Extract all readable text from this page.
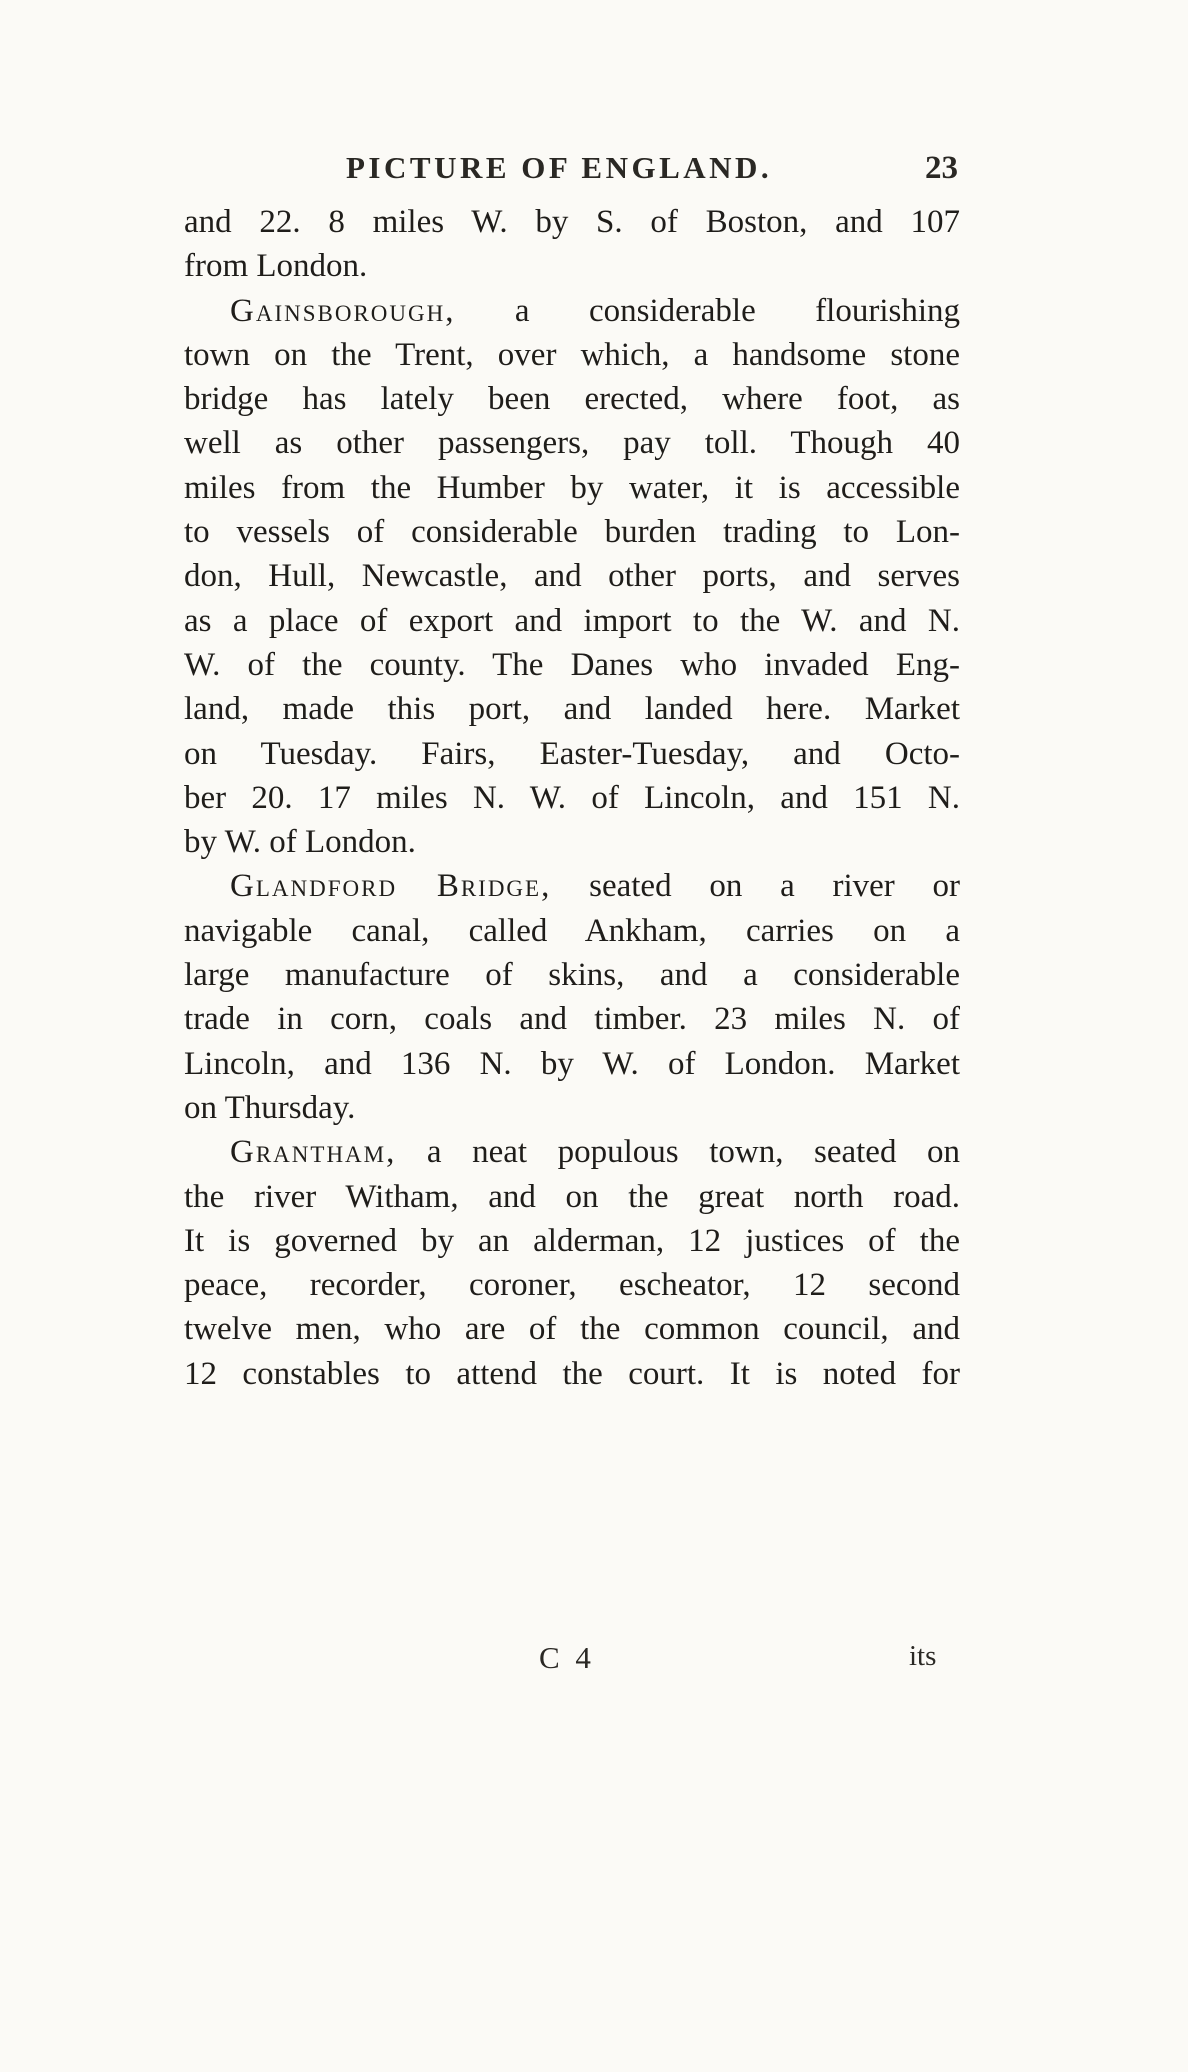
PICTURE OF ENGLAND.	23
and 22. 8 miles W. by S. of Boston, and 107
from London.
Gainsborough, a considerable flourishing
town on the Trent, over which, a handsome stone
bridge has lately been erected, where foot, as
well as other passengers, pay toll. Though 40
miles from the Humber by water, it is accessible
to vessels of considerable burden trading to Lon-
don, Hull, Newcastle, and other ports, and serves
as a place of export and import to the W. and N.
W. of the county. The Danes who invaded Eng-
land, made this port, and landed here. Market
on Tuesday. Fairs, Easter-Tuesday, and Octo-
ber 20. 17 miles N. W. of Lincoln, and 151 N.
by W. of London.
Glandford Bridge, seated on a river or
navigable canal, called Ankham, carries on a
large manufacture of skins, and a considerable
trade in corn, coals and timber. 23 miles N. of
Lincoln, and 136 N. by W. of London. Market
on Thursday.
Grantham, a neat populous town, seated on
the river Witham, and on the great north road.
It is governed by an alderman, 12 justices of the
peace, recorder, coroner, escheator, 12 second
twelve men, who are of the common council, and
12 constables to attend the court. It is noted for
C 4	its
